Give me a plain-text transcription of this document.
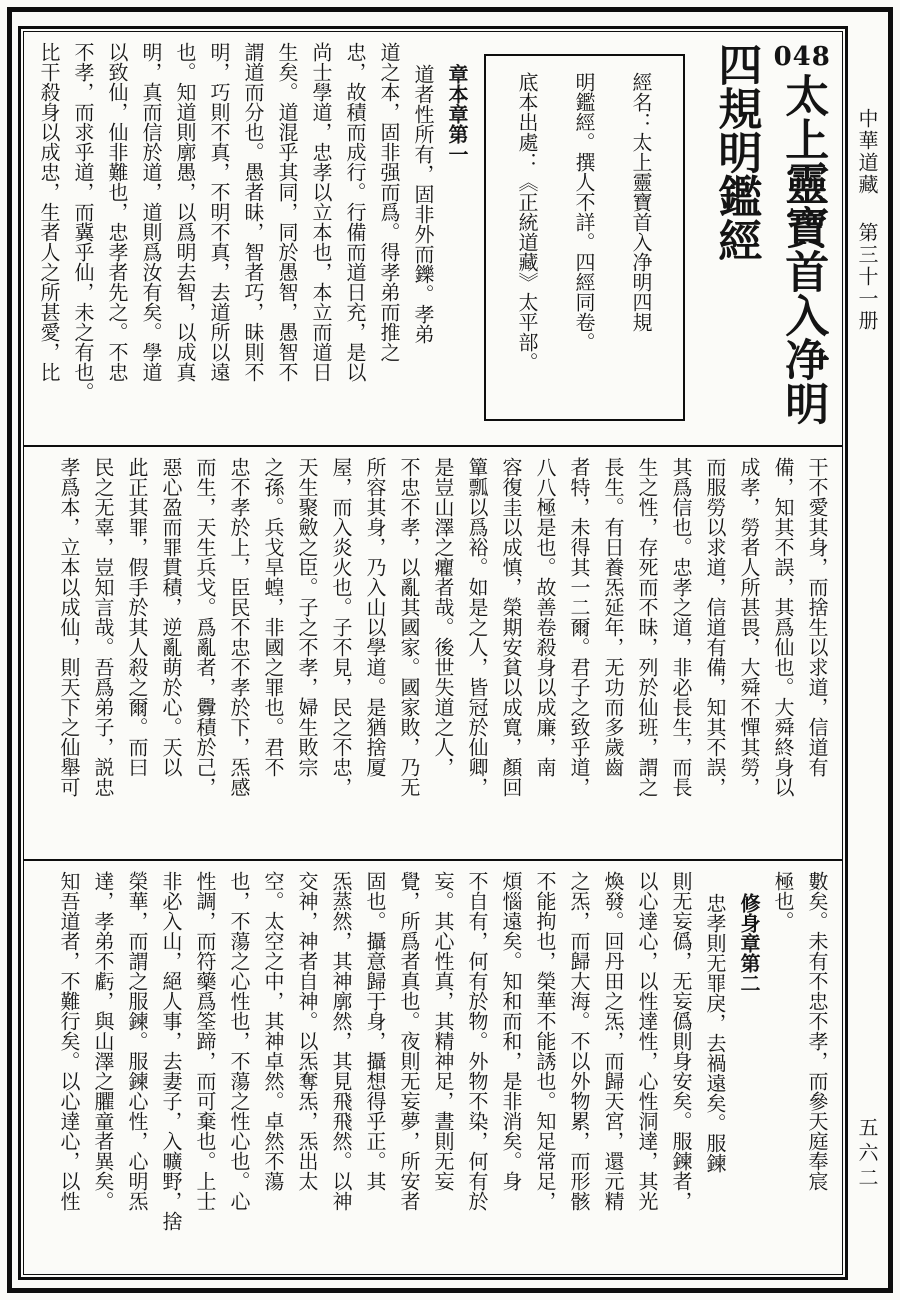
中華道藏第三十一册
五六二
048
太上靈寶首入净明
四規明鑑經
經名：太上靈寶首入净明四規
明鑑經。撰人不詳。四經同卷。
底本出處：《正統道藏》太平部。
章本章第一
道者性所有，固非外而鑠。孝弟
道之本，固非强而爲。得孝弟而推之
忠，故積而成行。行備而道日充，是以
尚士學道，忠孝以立本也，本立而道日
生矣。道混乎其同，同於愚智，愚智不
謂道而分也。愚者昧，智者巧，昧則不
明，巧則不真，不明不真，去道所以遠
也。知道則廓愚，以爲明去智，以成真
明，真而信於道，道則爲汝有矣。學道
以致仙，仙非難也，忠孝者先之。不忠
不孝，而求乎道，而冀乎仙，未之有也。
比干殺身以成忠，生者人之所甚愛，比
干不愛其身，而捨生以求道，信道有
備，知其不誤，其爲仙也。大舜終身以
成孝，勞者人所甚畏，大舜不憚其勞，
而服勞以求道，信道有備，知其不誤，
其爲信也。忠孝之道，非必長生，而長
生之性，存死而不昧，列於仙班，謂之
長生。有日養炁延年，无功而多歲齒
者特，未得其一二爾。君子之致乎道，
八八極是也。故善卷殺身以成廉，南
容復圭以成慎，榮期安貧以成寬，顏回
簞瓢以爲裕。如是之人，皆冠於仙卿，
是豈山澤之癯者哉。後世失道之人，
不忠不孝，以亂其國家。國家敗，乃无
所容其身，乃入山以學道。是猶捨厦
屋，而入炎火也。子不見，民之不忠，
天生聚斂之臣。子之不孝，婦生敗宗
之孫。兵戈旱蝗，非國之罪也。君不
忠不孝於上，臣民不忠不孝於下，炁感
而生，天生兵戈。爲亂者，釁積於己，
惡心盈而罪貫積，逆亂萌於心。天以
此正其罪，假手於其人殺之爾。而曰
民之无辜，豈知言哉。吾爲弟子，説忠
孝爲本，立本以成仙，則天下之仙舉可
數矣。未有不忠不孝，而參天庭奉宸
極也。
修身章第二
忠孝則无罪戾，去禍遠矣。服鍊
則无妄僞，无妄僞則身安矣。服鍊者，
以心達心，以性達性，心性洞達，其光
煥發。回丹田之炁，而歸天宮，還元精
之炁，而歸大海。不以外物累，而形骸
不能拘也，榮華不能誘也。知足常足，
煩惱遠矣。知和而和，是非消矣。身
不自有，何有於物。外物不染，何有於
妄。其心性真，其精神足，晝則无妄
覺，所爲者真也。夜則无妄夢，所安者
固也。攝意歸于身，攝想得乎正。其
炁蒸然，其神廓然，其見飛飛然。以神
交神，神者自神。以炁奪炁，炁出太
空。太空之中，其神卓然。卓然不蕩
也，不蕩之心性也，不蕩之性心也。心
性調，而符藥爲筌蹄，而可棄也。上士
非必入山，絕人事，去妻子，入曠野，捨
榮華，而謂之服鍊。服鍊心性，心明炁
達，孝弟不虧，與山澤之臞童者異矣。
知吾道者，不難行矣。以心達心，以性
